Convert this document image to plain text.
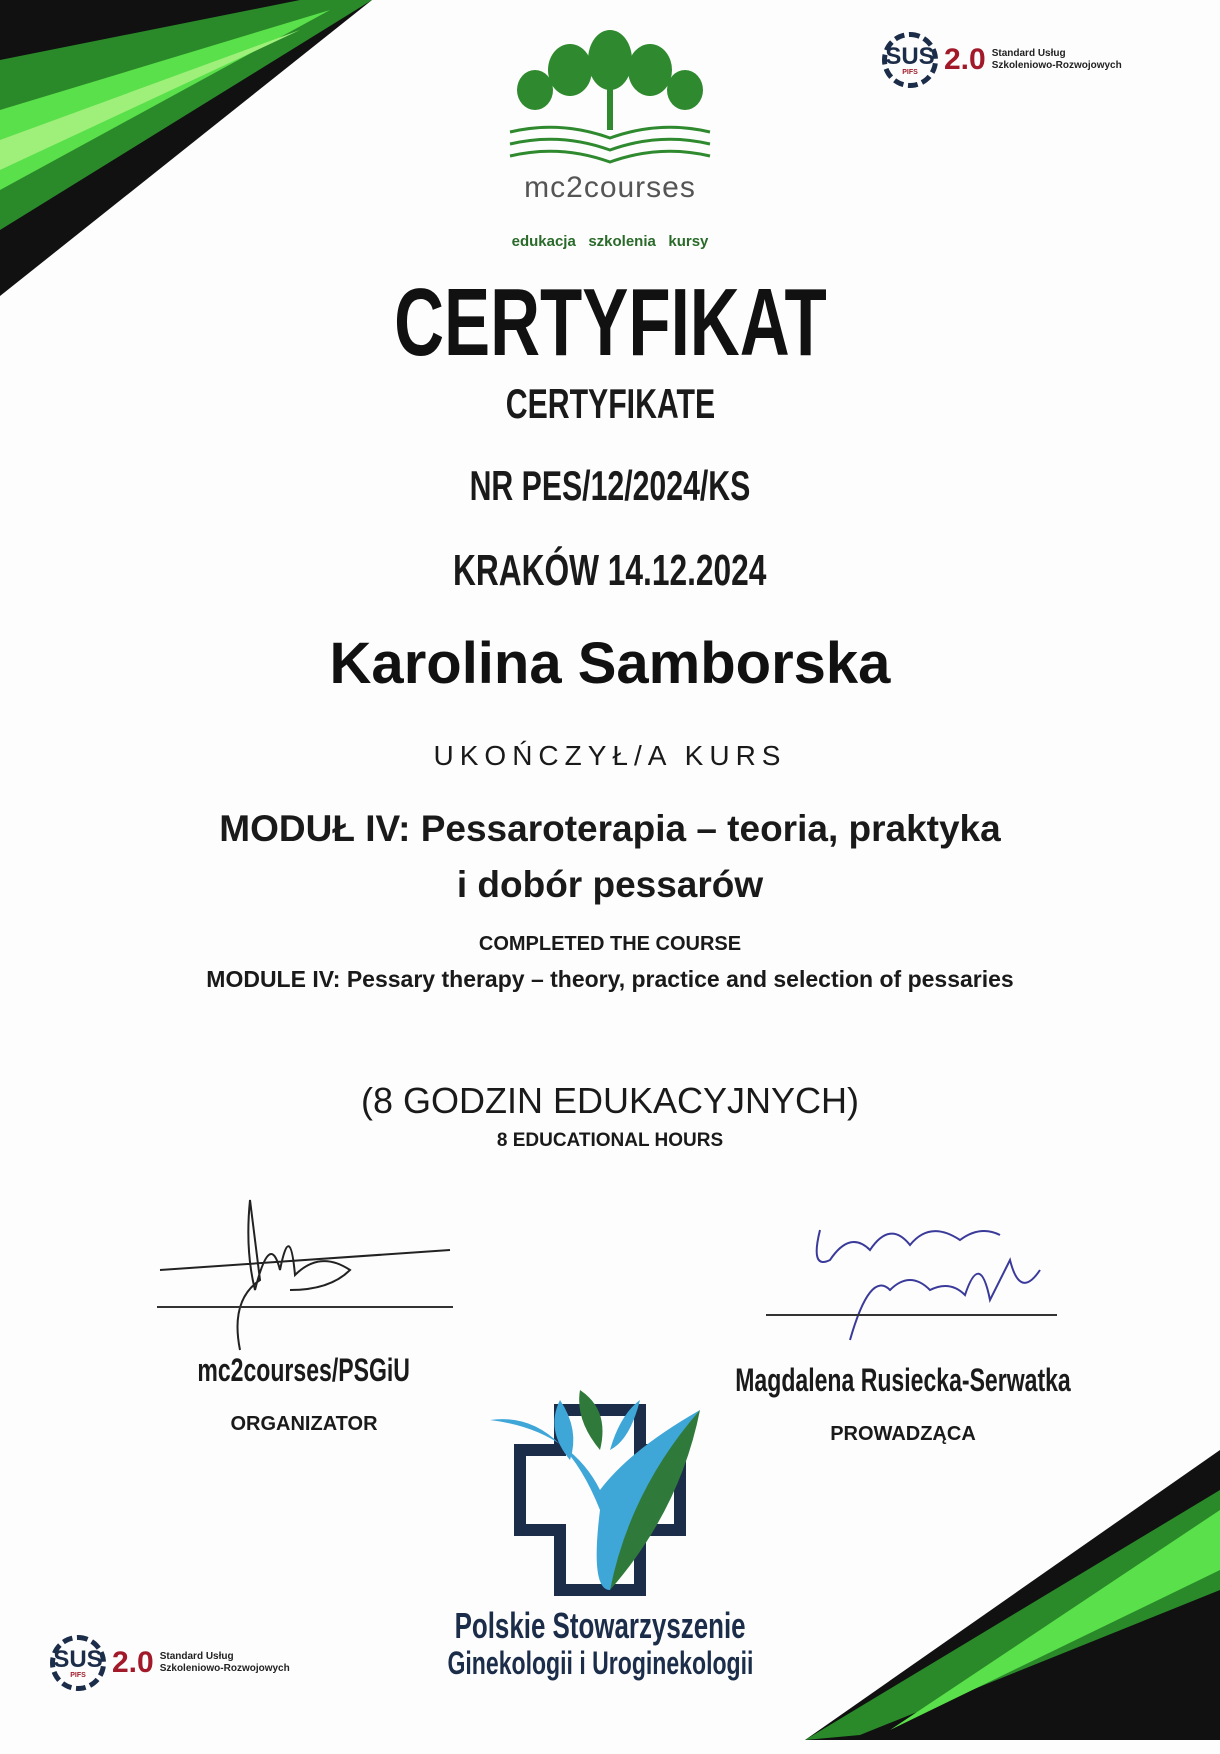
mc2courses
edukacja   szkolenia   kursy
SUS
PIFS 2.0 Standard Usług
Szkoleniowo-Rozwojowych
CERTYFIKAT
CERTYFIKATE
NR PES/12/2024/KS
KRAKÓW 14.12.2024
Karolina Samborska
UKOŃCZYŁ/A KURS
MODUŁ IV: Pessaroterapia – teoria, praktyka
i dobór pessarów
COMPLETED THE COURSE
MODULE IV: Pessary therapy – theory, practice and selection of pessaries
(8 GODZIN EDUKACYJNYCH)
8 EDUCATIONAL HOURS
mc2courses/PSGiU
ORGANIZATOR
Magdalena Rusiecka-Serwatka
PROWADZĄCA
Polskie Stowarzyszenie
Ginekologii i Uroginekologii
SUS
PIFS 2.0 Standard Usług
Szkoleniowo-Rozwojowych
